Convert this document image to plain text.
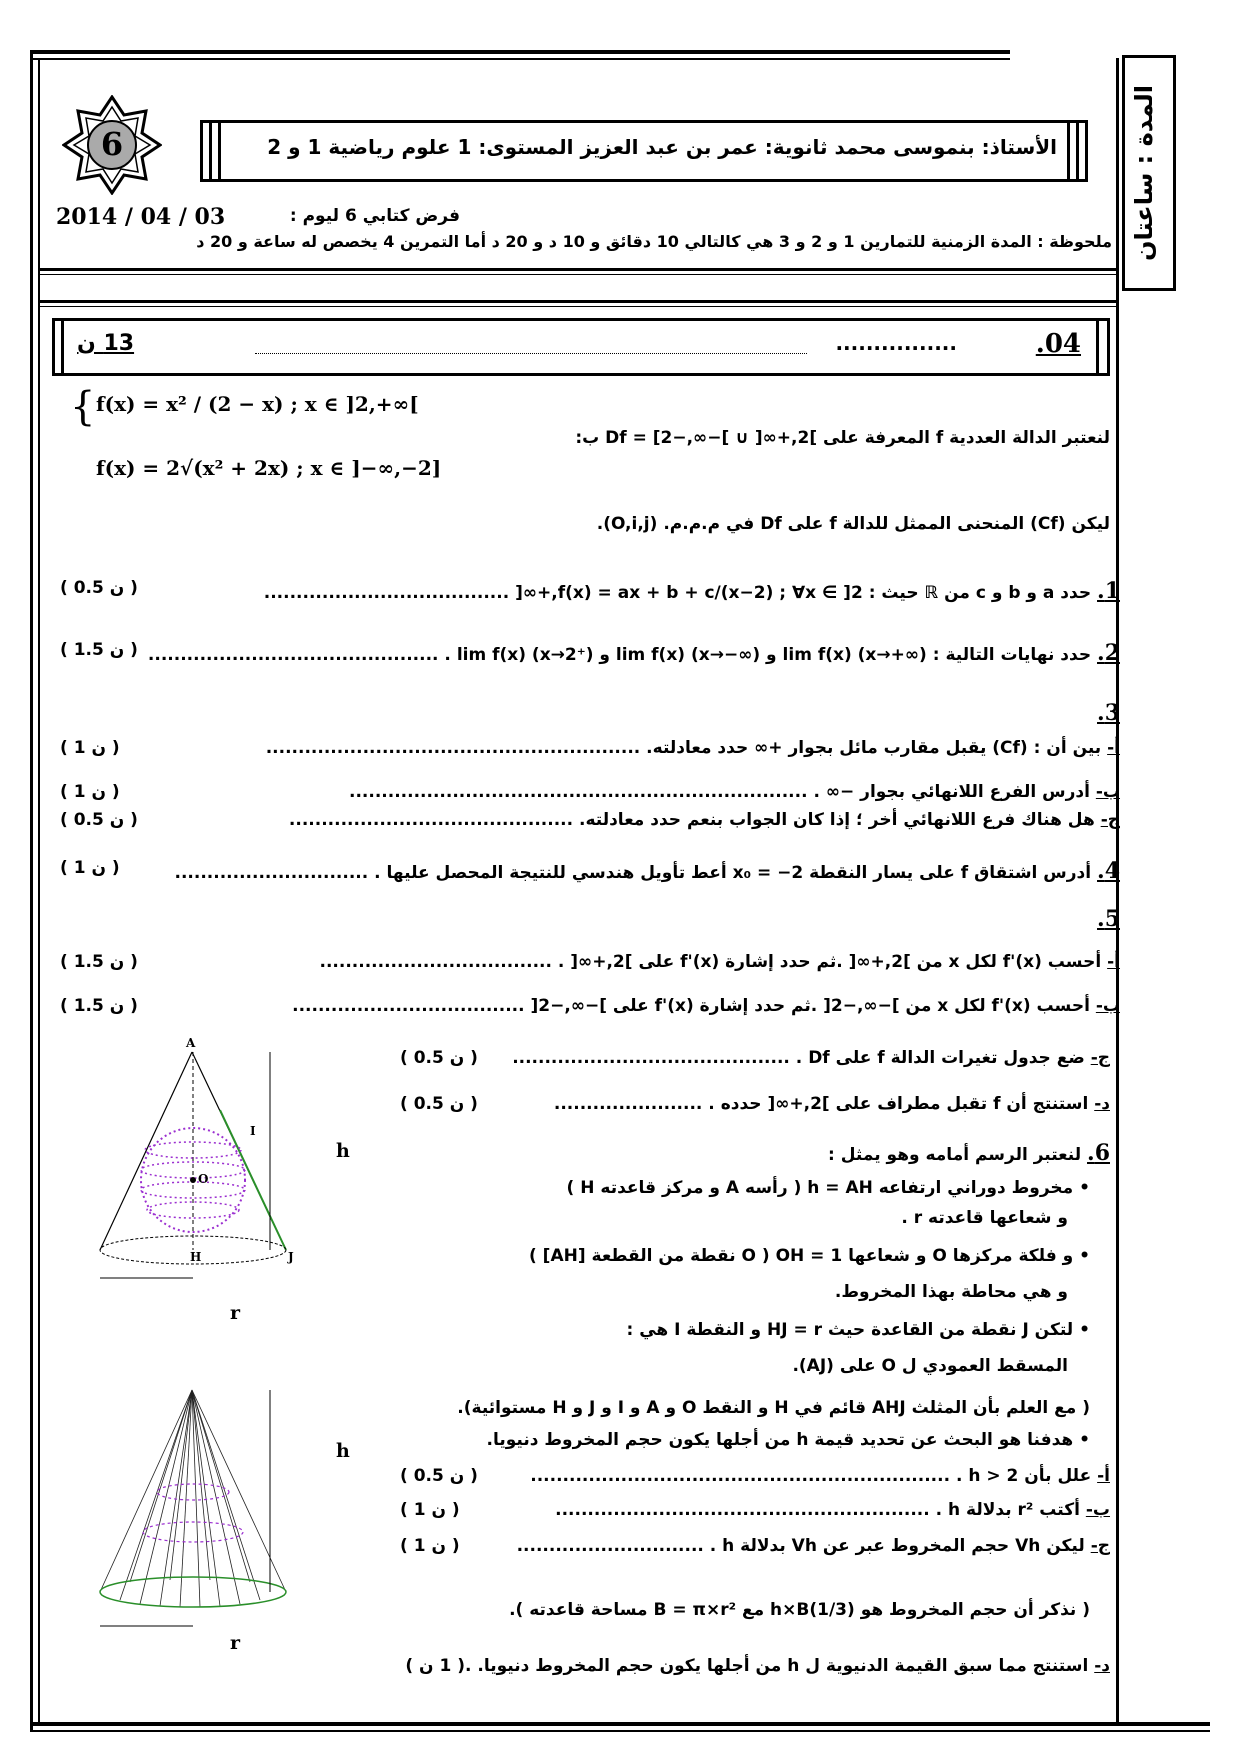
المدة : ساعتان
6	الأستاذ: بنموسى محمد ثانوية: عمر بن عبد العزيز المستوى: 1 علوم رياضية 1 و 2
فرض كتابي 6 ليوم :
2014 / 04 / 03
ملحوظة : المدة الزمنية للتمارين 1 و 2 و 3 هي كالتالي 10 دقائق و 10 د و 20 د أما التمرين 4 يخصص له ساعة و 20 د
.04
................
13 ن
لنعتبر الدالة العددية f المعرفة على ]2,+∞[ ∪ ]−∞,−2] = Df ب:
{ f(x) = x² / (2 − x) ; x ∈ ]2,+∞[
f(x) = 2√(x² + 2x) ; x ∈ ]−∞,−2]
ليكن (Cf) المنحنى الممثل للدالة f على Df في م.م.م. (O,i,j).
1. حدد a و b و c من ℝ حيث : f(x) = ax + b + c/(x−2) ; ∀x ∈ ]2,+∞[ ......................................
( 0.5 ن )
2. حدد نهايات التالية : lim f(x) (x→+∞) و lim f(x) (x→−∞) و lim f(x) (x→2⁺) . .............................................
( 1.5 ن )
3.
أ- بين أن : (Cf) يقبل مقارب مائل بجوار +∞ حدد معادلته. ..........................................................
( 1 ن )
ب- أدرس الفرع اللانهائي بجوار −∞ . .......................................................................
( 1 ن )
ج- هل هناك فرع اللانهائي أخر ؛ إذا كان الجواب بنعم حدد معادلته. ............................................
( 0.5 ن )
4. أدرس اشتقاق f على يسار النقطة x₀ = −2 أعط تأويل هندسي للنتيجة المحصل عليها . ..............................
( 1 ن )
5.
أ- أحسب f'(x) لكل x من ]2,+∞[ .ثم حدد إشارة f'(x) على ]2,+∞[ . ....................................
( 1.5 ن )
ب- أحسب f'(x) لكل x من ]−∞,−2[ .ثم حدد إشارة f'(x) على ]−∞,−2[ ....................................
( 1.5 ن )
ج- ضع جدول تغيرات الدالة f على Df . ...........................................
( 0.5 ن )
د- استنتج أن f تقبل مطراف على ]2,+∞[ حدده . .......................
( 0.5 ن )
6. لنعتبر الرسم أمامه وهو يمثل :
• مخروط دوراني ارتفاعه h = AH ( رأسه A و مركز قاعدته H )
و شعاعها قاعدته r .
• و فلكة مركزها O و شعاعها OH = 1 ( O نقطة من القطعة [AH] )
و هي محاطة بهذا المخروط.
• لتكن J نقطة من القاعدة حيث HJ = r و النقطة I هي :
المسقط العمودي ل O على (AJ).
( مع العلم بأن المثلث AHJ قائم في H و النقط O و A و I و J و H مستوائية).
• هدفنا هو البحث عن تحديد قيمة h من أجلها يكون حجم المخروط دنيويا.
أ- علل بأن h > 2 . .................................................................
( 0.5 ن )
ب- أكتب r² بدلالة h . ..........................................................
( 1 ن )
ج- ليكن Vh حجم المخروط عبر عن Vh بدلالة h . .............................
( 1 ن )
( نذكر أن حجم المخروط هو (1/3)h×B مع B = π×r² مساحة قاعدته ).
د- استنتج مما سبق القيمة الدنيوية ل h من أجلها يكون حجم المخروط دنيويا. .( 1 ن )
A
I
O
H	J
h
r
h
r
